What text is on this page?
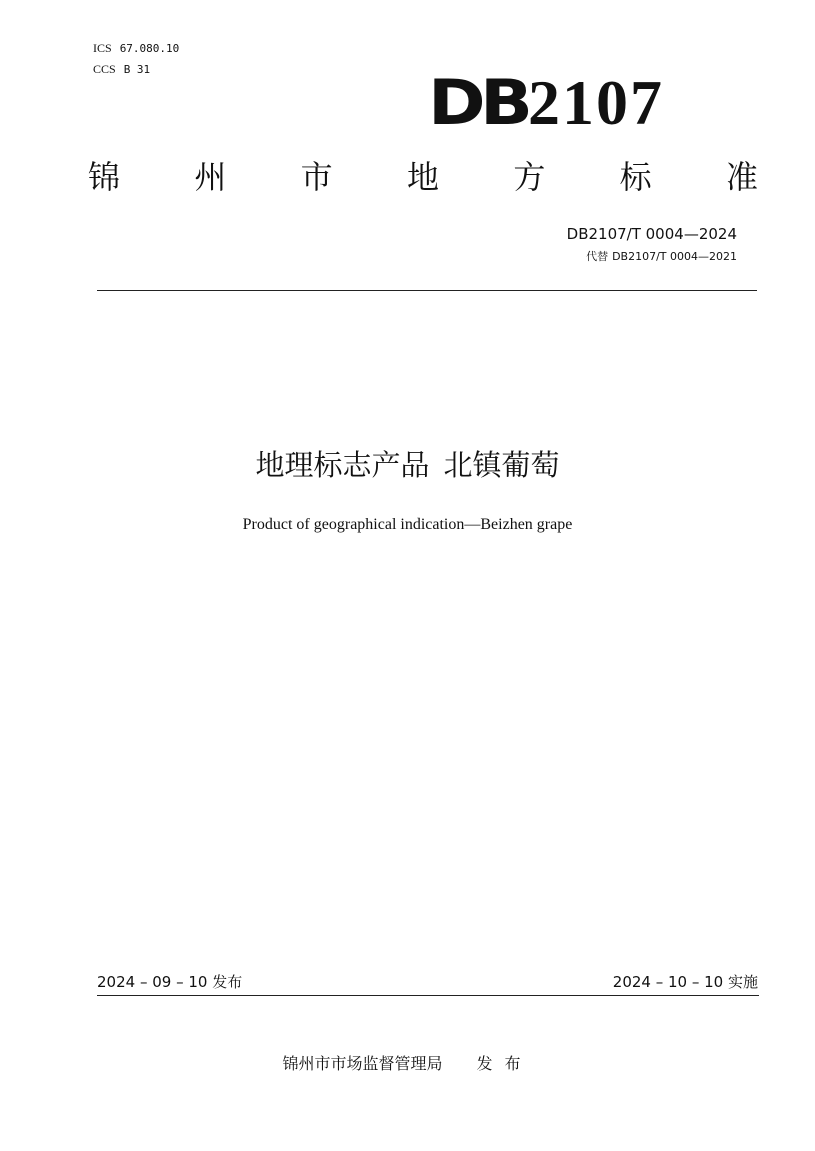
ICS 67.080.10
CCS B 31	DB2107
锦 州 市 地 方 标 准
DB2107/T 0004—2024
代替 DB2107/T 0004—2021
地理标志产品 北镇葡萄
Product of geographical indication—Beizhen grape
2024 – 09 – 10 发布	2024 – 10 – 10 实施
锦州市市场监督管理局 发布
